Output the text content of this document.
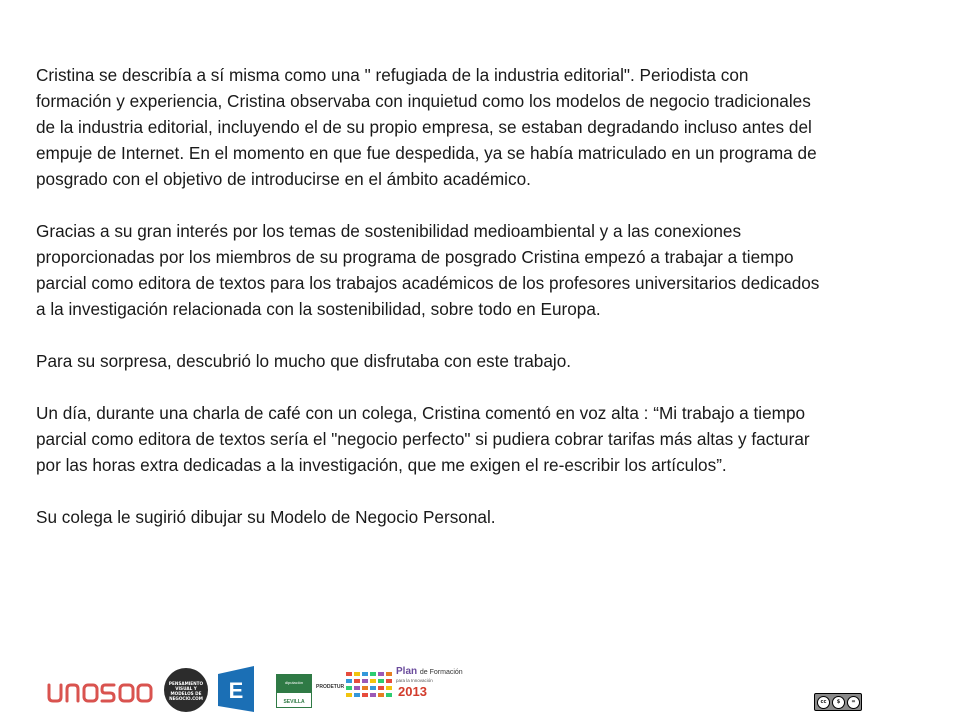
Cristina se describía a sí misma como una " refugiada de la industria editorial". Periodista con formación y experiencia, Cristina observaba con inquietud como los modelos de negocio tradicionales de la industria editorial, incluyendo el de su propio empresa, se estaban degradando incluso antes del empuje de Internet. En el momento en que fue despedida, ya se había matriculado en un programa de posgrado con el objetivo de introducirse en el ámbito académico.

Gracias a su gran interés por los temas de sostenibilidad medioambiental y a las conexiones proporcionadas por los miembros de su programa de posgrado Cristina empezó a trabajar a tiempo parcial como editora de textos para los trabajos académicos de los profesores universitarios dedicados a la investigación relacionada con la sostenibilidad, sobre todo en Europa.

Para su sorpresa, descubrió lo mucho que disfrutaba con este trabajo.

Un día, durante una charla de café con un colega, Cristina comentó en voz alta : “Mi trabajo a tiempo parcial como editora de textos sería el "negocio perfecto" si pudiera cobrar tarifas más altas y facturar por las horas extra dedicadas a la investigación, que me exigen el re-escribir los artículos”.

Su colega le sugirió dibujar su Modelo de Negocio Personal.

PENSAMIENTO VISUAL Y MODELOS DE NEGOCIO.COM E	diputación
SEVILLA
PRODETUR
Plan de Formación
para la Innovación
2013
cc	$	=
